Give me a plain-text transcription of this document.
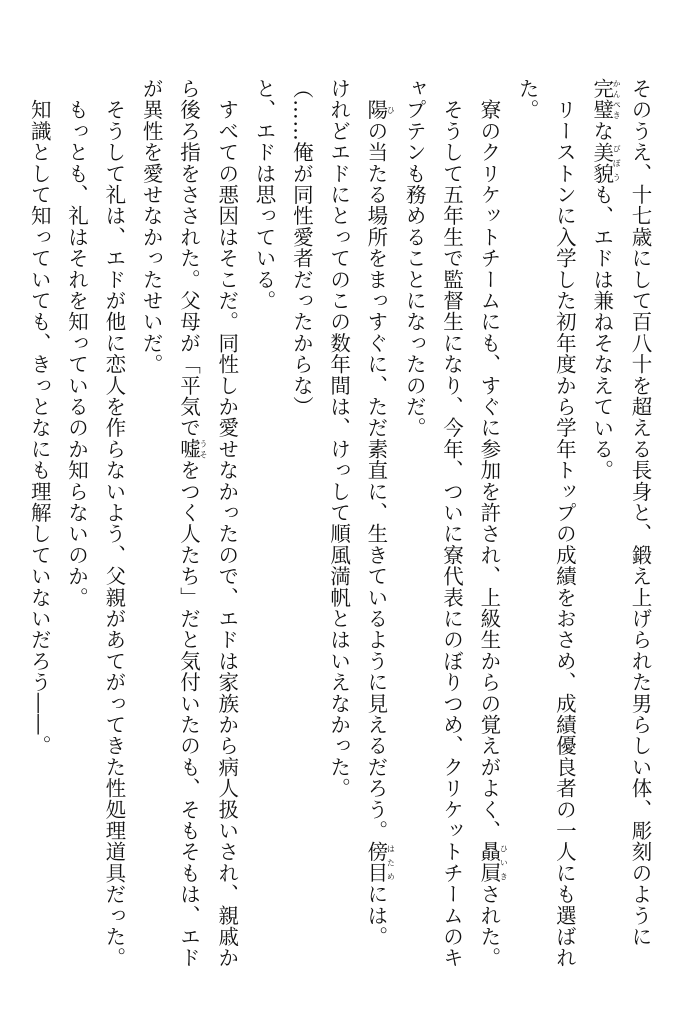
そのうえ、十七歳にして百八十を超える長身と、鍛え上げられた男らしい体、彫刻のように
完璧かんぺきな美貌びぼうも、エドは兼ねそなえている。
　リーストンに入学した初年度から学年トップの成績をおさめ、成績優良者の一人にも選ばれ
た。
　寮のクリケットチームにも、すぐに参加を許され、上級生からの覚えがよく、贔屓ひいきされた。
　そうして五年生で監督生になり、今年、ついに寮代表にのぼりつめ、クリケットチームのキ
ャプテンも務めることになったのだ。
　陽ひの当たる場所をまっすぐに、ただ素直に、生きているように見えるだろう。傍目はためには。
けれどエドにとってのこの数年間は、けっして順風満帆とはいえなかった。
（……俺が同性愛者だったからな）
と、エドは思っている。
　すべての悪因はそこだ。同性しか愛せなかったので、エドは家族から病人扱いされ、親戚か
ら後ろ指をさされた。父母が「平気で嘘うそをつく人たち」だと気付いたのも、そもそもは、エド
が異性を愛せなかったせいだ。
　そうして礼は、エドが他に恋人を作らないよう、父親があてがってきた性処理道具だった。
　もっとも、礼はそれを知っているのか知らないのか。
　知識として知っていても、きっとなにも理解していないだろう――。
